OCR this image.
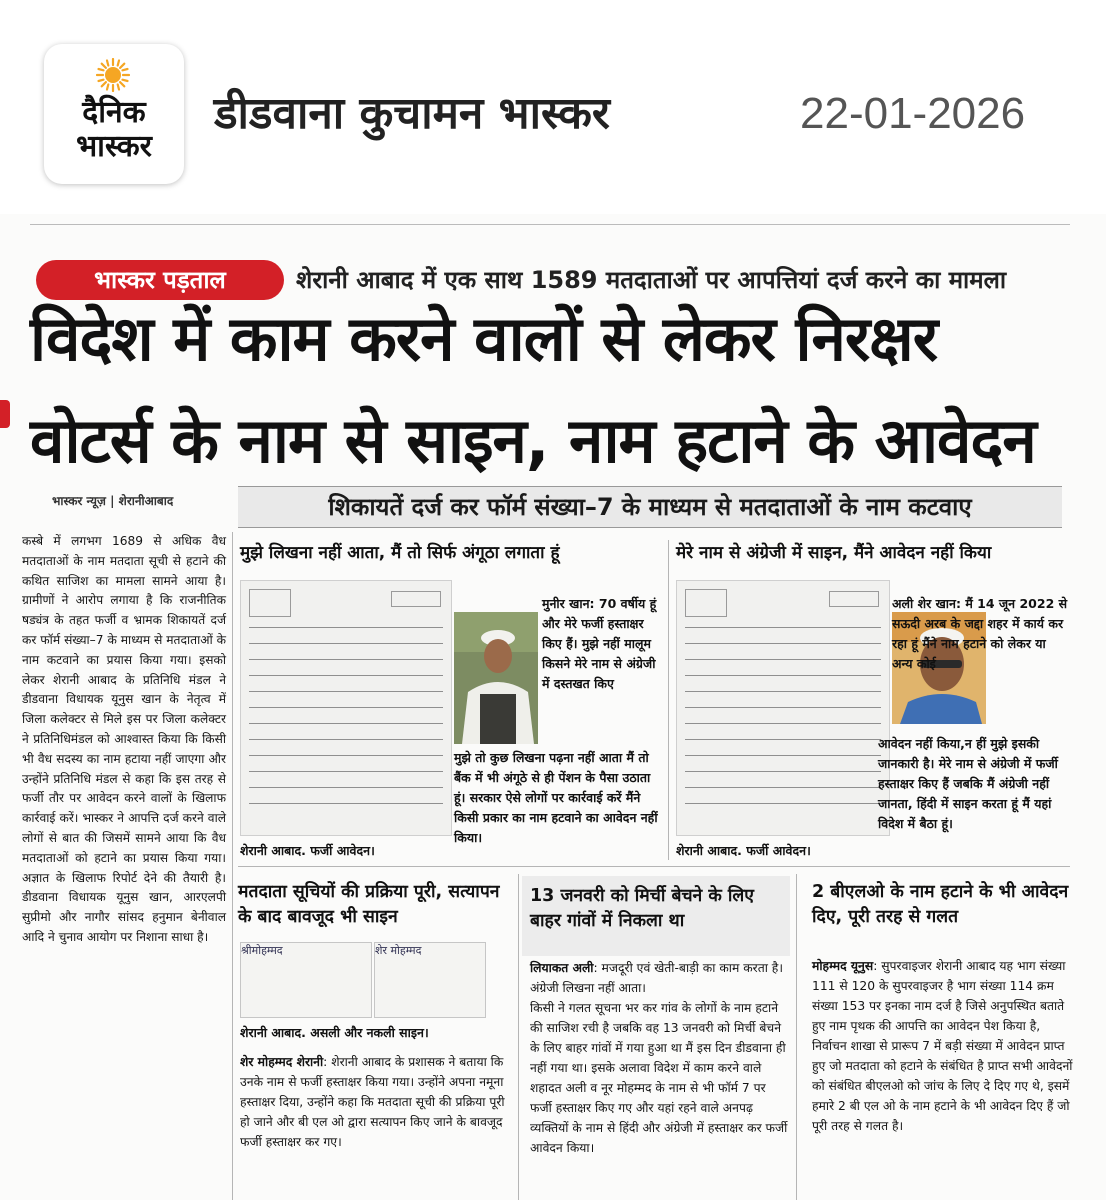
दैनिक
भास्कर
डीडवाना कुचामन भास्कर	22-01-2026
भास्कर पड़ताल	शेरानी आबाद में एक साथ 1589 मतदाताओं पर आपत्तियां दर्ज करने का मामला
विदेश में काम करने वालों से लेकर निरक्षर
वोटर्स के नाम से साइन, नाम हटाने के आवेदन
भास्कर न्यूज़ | शेरानीआबाद	शिकायतें दर्ज कर फॉर्म संख्या–7 के माध्यम से मतदाताओं के नाम कटवाए

कस्बे में लगभग 1689 से अधिक वैध मतदाताओं के नाम मतदाता सूची से हटाने की कथित साजिश का मामला सामने आया है। ग्रामीणों ने आरोप लगाया है कि राजनीतिक षड्यंत्र के तहत फर्जी व भ्रामक शिकायतें दर्ज कर फॉर्म संख्या–7 के माध्यम से मतदाताओं के नाम कटवाने का प्रयास किया गया। इसको लेकर शेरानी आबाद के प्रतिनिधि मंडल ने डीडवाना विधायक यूनुस खान के नेतृत्व में जिला कलेक्टर से मिले इस पर जिला कलेक्टर ने प्रतिनिधिमंडल को आश्वास्त किया कि किसी भी वैध सदस्य का नाम हटाया नहीं जाएगा और उन्होंने प्रतिनिधि मंडल से कहा कि इस तरह से फर्जी तौर पर आवेदन करने वालों के खिलाफ कार्रवाई करें। भास्कर ने आपत्ति दर्ज करने वाले लोगों से बात की जिसमें सामने आया कि वैध मतदाताओं को हटाने का प्रयास किया गया। अज्ञात के खिलाफ रिपोर्ट देने की तैयारी है। डीडवाना विधायक यूनुस खान, आरएलपी सुप्रीमो और नागौर सांसद हनुमान बेनीवाल आदि ने चुनाव आयोग पर निशाना साधा है।

मुझे लिखना नहीं आता, मैं तो सिर्फ अंगूठा लगाता हूं
मुनीर खान: 70 वर्षीय हूं और मेरे फर्जी हस्ताक्षर किए हैं। मुझे नहीं मालूम किसने मेरे नाम से अंग्रेजी में दस्तखत किए
मुझे तो कुछ लिखना पढ़ना नहीं आता मैं तो बैंक में भी अंगूठे से ही पेंशन के पैसा उठाता हूं। सरकार ऐसे लोगों पर कार्रवाई करें मैंने किसी प्रकार का नाम हटवाने का आवेदन नहीं किया।
शेरानी आबाद. फर्जी आवेदन।
मेरे नाम से अंग्रेजी में साइन, मैंने आवेदन नहीं किया
अली शेर खान: मैं 14 जून 2022 से सऊदी अरब के जद्दा शहर में कार्य कर रहा हूं मैंने नाम हटाने को लेकर या अन्य कोई
आवेदन नहीं किया,न हीं मुझे इसकी जानकारी है। मेरे नाम से अंग्रेजी में फर्जी हस्ताक्षर किए हैं जबकि मैं अंग्रेजी नहीं जानता, हिंदी में साइन करता हूं मैं यहां विदेश में बैठा हूं।
शेरानी आबाद. फर्जी आवेदन।
मतदाता सूचियों की प्रक्रिया पूरी, सत्यापन के बाद बावजूद भी साइन
श्रीमोहम्मद	शेर मोहम्मद
शेरानी आबाद. असली और नकली साइन।
शेर मोहम्मद शेरानी: शेरानी आबाद के प्रशासक ने बताया कि उनके नाम से फर्जी हस्ताक्षर किया गया। उन्होंने अपना नमूना हस्ताक्षर दिया, उन्होंने कहा कि मतदाता सूची की प्रक्रिया पूरी हो जाने और बी एल ओ द्वारा सत्यापन किए जाने के बावजूद फर्जी हस्ताक्षर कर गए।
13 जनवरी को मिर्ची बेचने के लिए बाहर गांवों में निकला था
लियाकत अली: मजदूरी एवं खेती-बाड़ी का काम करता है। अंग्रेजी लिखना नहीं आता।
किसी ने गलत सूचना भर कर गांव के लोगों के नाम हटाने की साजिश रची है जबकि वह 13 जनवरी को मिर्ची बेचने के लिए बाहर गांवों में गया हुआ था मैं इस दिन डीडवाना ही नहीं गया था। इसके अलावा विदेश में काम करने वाले शहादत अली व नूर मोहम्मद के नाम से भी फॉर्म 7 पर फर्जी हस्ताक्षर किए गए और यहां रहने वाले अनपढ़ व्यक्तियों के नाम से हिंदी और अंग्रेजी में हस्ताक्षर कर फर्जी आवेदन किया।
2 बीएलओ के नाम हटाने के भी आवेदन दिए, पूरी तरह से गलत
मोहम्मद यूनुस: सुपरवाइजर शेरानी आबाद यह भाग संख्या 111 से 120 के सुपरवाइजर है भाग संख्या 114 क्रम संख्या 153 पर इनका नाम दर्ज है जिसे अनुपस्थित बताते हुए नाम पृथक की आपत्ति का आवेदन पेश किया है, निर्वाचन शाखा से प्रारूप 7 में बड़ी संख्या में आवेदन प्राप्त हुए जो मतदाता को हटाने के संबंधित है प्राप्त सभी आवेदनों को संबंधित बीएलओ को जांच के लिए दे दिए गए थे, इसमें हमारे 2 बी एल ओ के नाम हटाने के भी आवेदन दिए हैं जो पूरी तरह से गलत है।
